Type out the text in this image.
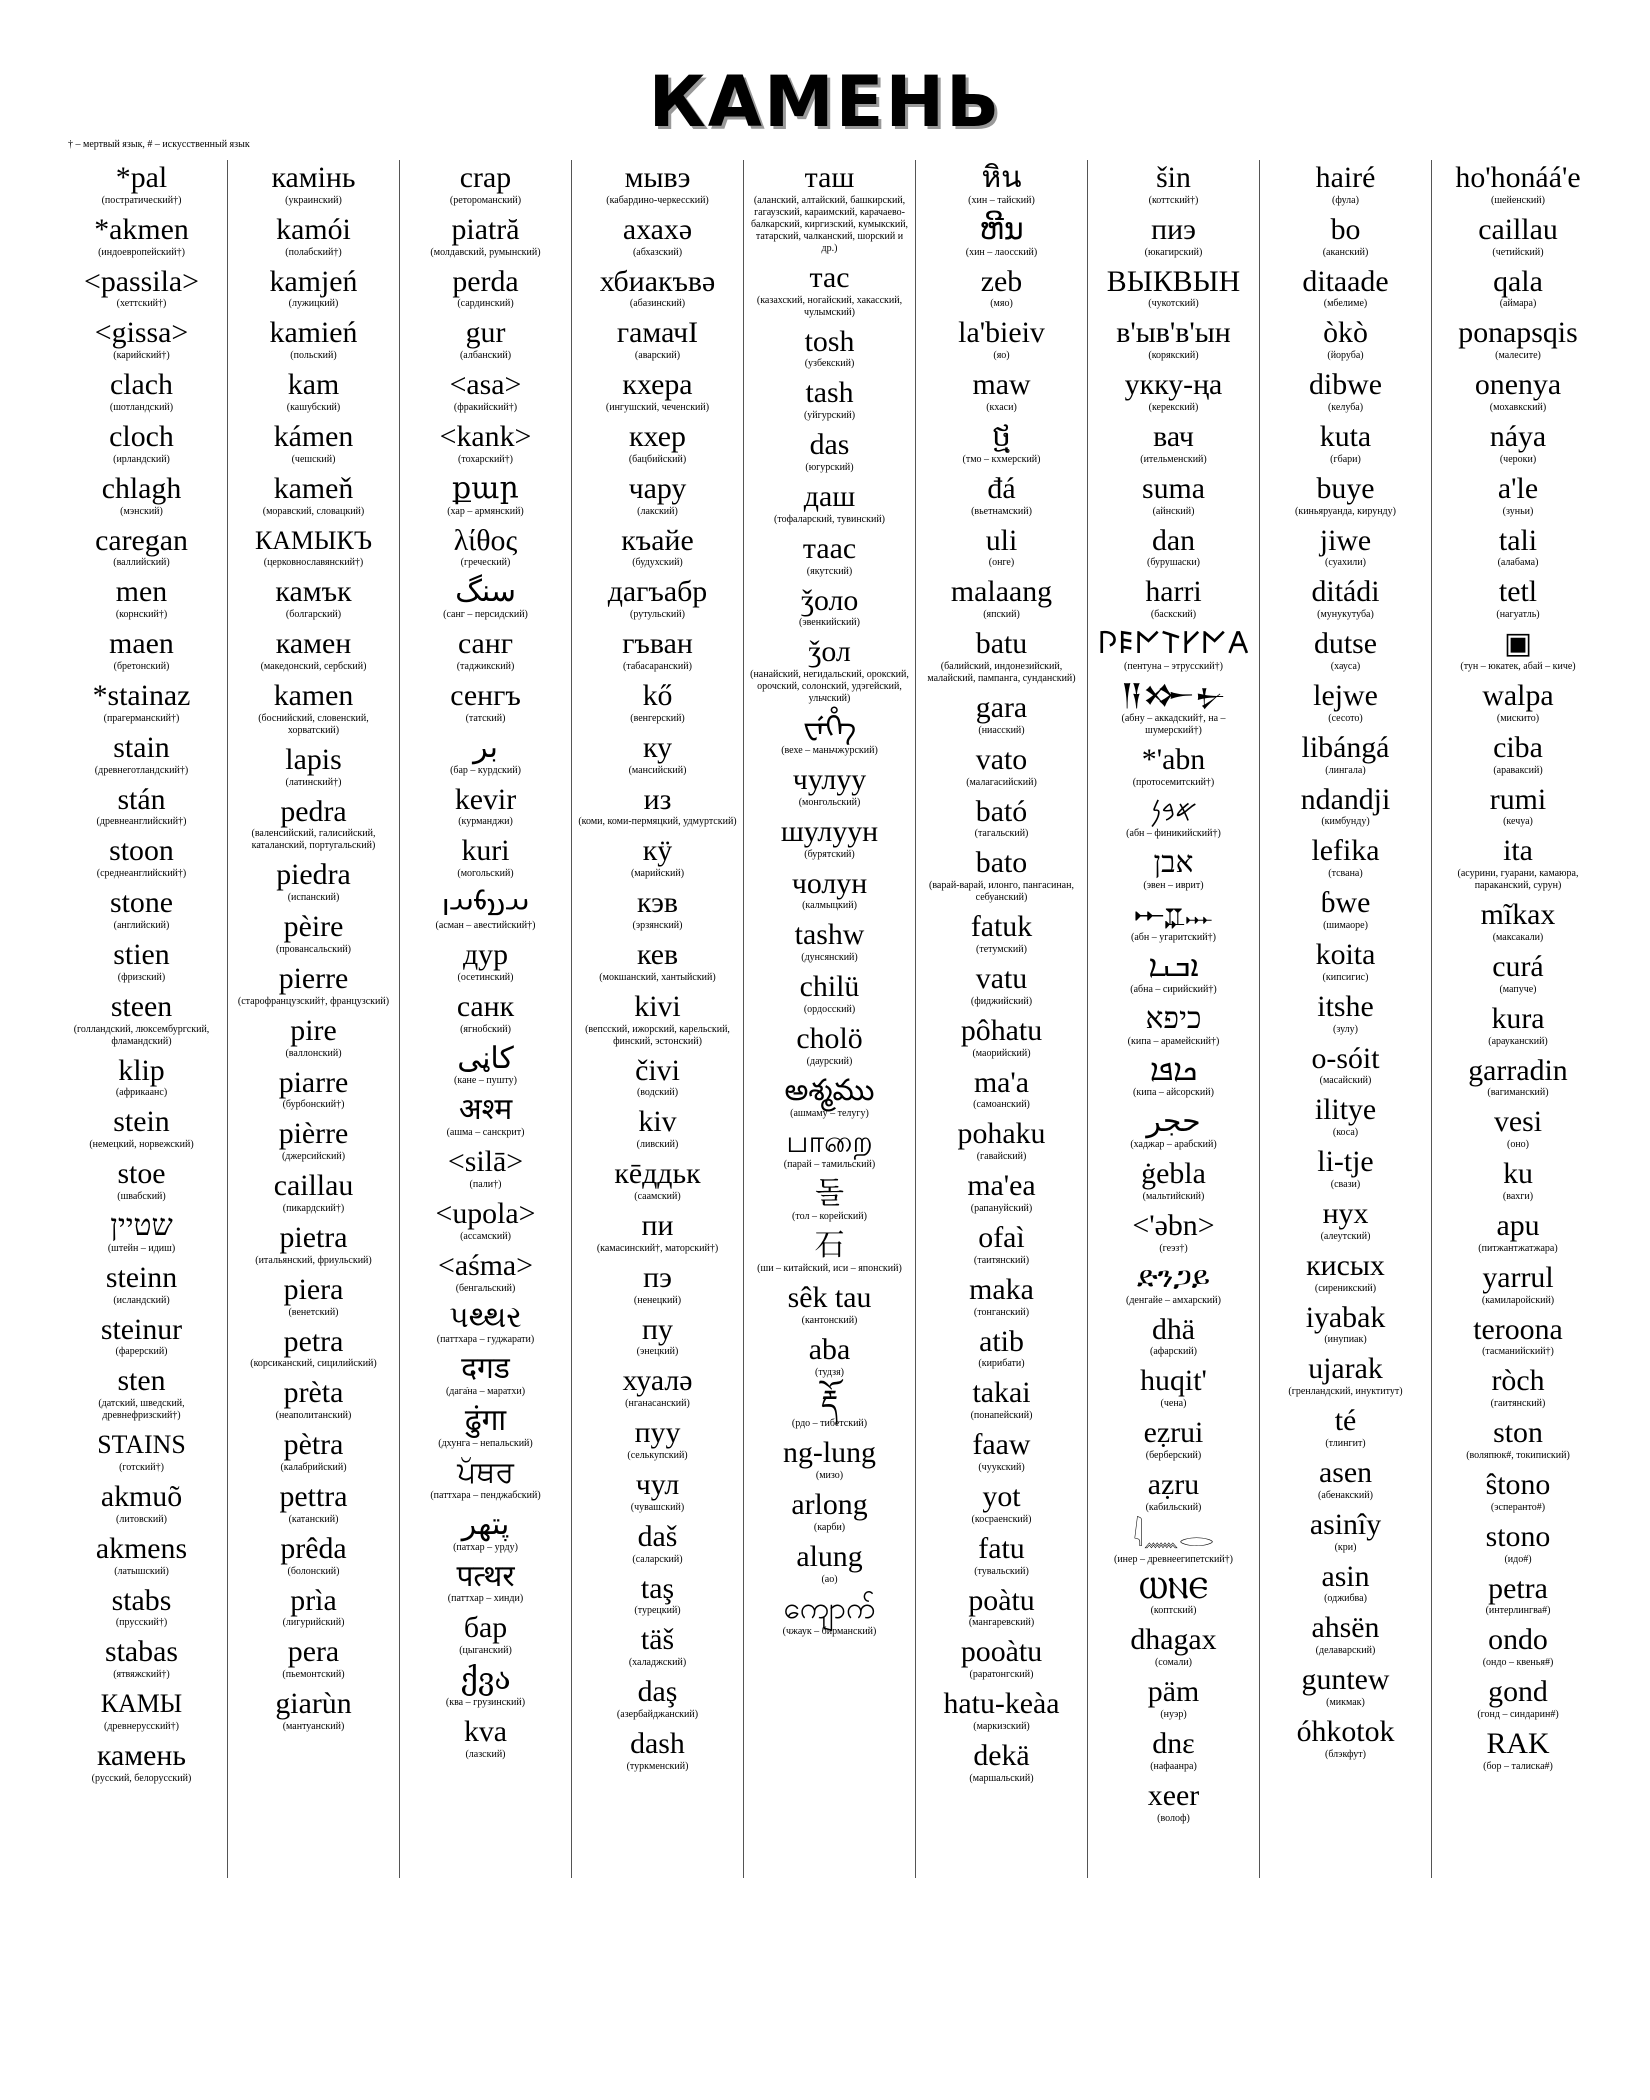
КАМЕНЬ
† – мертвый язык, # – искусственный язык
*pal
(постратический†)
*akmen
(индоевропейский†)
<passila>
(хеттский†)
<gissa>
(карийский†)
clach
(шотландский)
cloch
(ирландский)
chlagh
(мэнский)
caregan
(валлийский)
men
(корнский†)
maen
(бретонский)
*stainaz
(прагерманский†)
stain
(древнеготландский†)
stán
(древнеанглийский†)
stoon
(среднеанглийский†)
stone
(английский)
stien
(фризский)
steen
(голландский, люксембургский, фламандский)
klip
(африкаанс)
stein
(немецкий, норвежский)
stoe
(швабский)
שטיין
(штейн – идиш)
steinn
(исландский)
steinur
(фарерский)
sten
(датский, шведский, древнефризский†)
STAINS
(готский†)
akmuõ
(литовский)
akmens
(латышский)
stabs
(прусский†)
stabas
(ятвяжский†)
КАМЫ
(древнерусский†)
камень
(русский, белорусский)
камінь
(украинский)
kamói
(полабский†)
kamjeń
(лужицкий)
kamień
(польский)
kam
(кашубский)
kámen
(чешский)
kameň
(моравский, словацкий)
КАМЫКЪ
(церковнославянский†)
камък
(болгарский)
камен
(македонский, сербский)
kamen
(боснийский, словенский, хорватский)
lapis
(латинский†)
pedra
(валенсийский, галисийский, каталанский, португальский)
piedra
(испанский)
pèire
(провансальский)
pierre
(старофранцузский†, французский)
pire
(валлонский)
piarre
(бурбонский†)
pièrre
(джерсийский)
caillau
(пикардский†)
pietra
(итальянский, фриульский)
piera
(венетский)
petra
(корсиканский, сицилийский)
prèta
(неаполитанский)
pètra
(калабрийский)
pettra
(катанский)
prêda
(болонский)
prìa
(лигурийский)
pera
(пьемонтский)
giarùn
(мантуанский)
crap
(ретороманский)
piatră
(молдавский, румынский)
perda
(сардинский)
gur
(албанский)
<asa>
(фракийский†)
<kank>
(тохарский†)
քար
(хар – армянский)
λίθος
(греческий)
سنگ
(санг – персидский)
санг
(таджикский)
сенгъ
(татский)
بر
(бар – курдский)
kevir
(курманджи)
kuri
(могольский)
𐬀𐬯𐬨𐬀𐬥
(асман – авестийский†)
дур
(осетинский)
санк
(ягнобский)
کاڼی
(кане – пушту)
अश्म
(ашма – санскрит)
<silā>
(пали†)
<upola>
(ассамский)
<aśma>
(бенгальский)
પથ્થર
(паттхара – гуджарати)
दगड
(дагаֿна – маратхи)
ढुंगा
(дхунга – непальский)
ਪੱਥਰ
(паттхара – пенджабский)
پتھر
(патхар – урду)
पत्थर
(паттхар – хинди)
бар
(цыганский)
ქვა
(ква – грузинский)
kva
(лазский)
мывэ
(кабардино-черкесский)
ахахә
(абхазский)
хбиакъвә
(абазинский)
гамачI
(аварский)
кхера
(ингушский, чеченский)
кхер
(бацбийский)
чару
(лакский)
къайе
(будухский)
дагъабр
(рутульский)
гъван
(табасаранский)
kő
(венгерский)
ку
(мансийский)
из
(коми, коми-пермяцкий, удмуртский)
кӱ
(марийский)
кэв
(эрзянский)
кев
(мокшанский, хантыйский)
kivi
(вепсский, ижорский, карельский, финский, эстонский)
čivi
(водский)
kiv
(ливский)
кēддьк
(саамский)
пи
(камасинский†, маторский†)
пэ
(ненецкий)
пу
(энецкий)
хуалә
(нганасанский)
пуу
(селькупский)
чул
(чувашский)
daš
(саларский)
taş
(турецкий)
täš
(халаджский)
daş
(азербайджанский)
dash
(туркменский)
таш
(аланский, алтайский, башкирский, гагаузский, караимский, карачаево-балкарский, киргизский, кумыкский, татарский, чалканский, шорский и др.)
тас
(казахский, ногайский, хакасский, чулымский)
tosh
(узбекский)
tash
(уйгурский)
das
(югурский)
даш
(тофаларский, тувинский)
таас
(якутский)
ǯоло
(эвенкийский)
ǯол
(нанайский, негидальский, орокский, орочский, солонский, удэгейский, ульчский)
ᠸᡝᡥᡝ
(вехе – маньчжурский)
чулуу
(монгольский)
шулуун
(бурятский)
чолун
(калмыцкий)
tashw
(дунсянский)
chilü
(ордосский)
cholö
(даурский)
అశ్మము
(ашмаму – телугу)
பாறை
(парай – тамильский)
돌
(тол – корейский)
石
(ши – китайский, иси – японский)
sêk tau
(кантонский)
aba
(тудзя)
རྡོ
(рдо – тибетский)
ng-lung
(мизо)
arlong
(карби)
alung
(ао)
ကျောက်
(чжаук – бирманский)
หิน
(хин – тайский)
ຫີນ
(хин – лаосский)
zeb
(мяо)
la'bieiv
(яо)
maw
(кхаси)
ថ្ម
(тмо – кхмерский)
đá
(вьетнамский)
uli
(онге)
malaang
(япский)
batu
(балийский, индонезийский, малайский, пампанга, сунданский)
gara
(ниасский)
vato
(малагасийский)
bató
(тагальский)
bato
(варай-варай, илонго, пангасинан, себуанский)
fatuk
(тетумский)
vatu
(фиджийский)
pôhatu
(маорийский)
ma'a
(самоанский)
pohaku
(гавайский)
ma'ea
(рапануйский)
ofaì
(таитянский)
maka
(тонганский)
atib
(кирибати)
takai
(понапейский)
faaw
(чуукский)
yot
(косраенский)
fatu
(тувальский)
poàtu
(мангаревский)
pooàtu
(раратонгский)
hatu-keàa
(маркизский)
dekä
(маршальский)
šin
(коттский†)
пиэ
(юкагирский)
ВЫКВЫН
(чукотский)
в'ыв'в'ын
(корякский)
укку-ңа
(керекский)
вач
(ительменский)
suma
(айнский)
dan
(бурушаски)
harri
(баскский)
𐌐𐌄𐌍𐌕𐌖𐌍𐌀
(пентуна – этрусский†)
𒀀𒁍𒉡
(абну – аккадский†, на – шумерский†)
*'abn
(протосемитский†)
𐤀𐤁𐤍
(абн – финикийский†)
אבן
(эвен – иврит)
𐎀𐎁𐎐
(абн – угаритский†)
ܐܒܢܐ
(абна – сирийский†)
כיפא
(кипа – арамейский†)
ܟܐܦܐ
(кипа – айсорский)
حجر
(хаджар – арабский)
ġebla
(мальтийский)
<'əbn>
(геэз†)
ድንጋይ
(денгайе – амхарский)
dhä
(афарский)
huqit'
(чена)
eẓrui
(берберский)
aẓru
(кабильский)
𓇋𓈖𓂋
(инер – древнеегипетский†)
ⲰⲚⲈ
(коптский)
dhagax
(сомали)
päm
(нуэр)
dnɛ
(нафаанра)
xeer
(волоф)
hairé
(фула)
bo
(аканский)
ditaade
(мбелиме)
òkò
(йоруба)
dibwe
(келуба)
kuta
(гбари)
buye
(киньяруанда, кирунду)
jiwe
(суахили)
ditádi
(мунукутуба)
dutse
(хауса)
lejwe
(сесото)
libángá
(лингала)
ndandji
(кимбунду)
lefika
(тсвана)
ɓwe
(шимаоре)
koita
(кипсигис)
itshe
(зулу)
o-sóit
(масайский)
ilitye
(коса)
li-tje
(свази)
нух
(алеутский)
кисых
(сиреникский)
iyabak
(инупиак)
ujarak
(гренландский, инуктитут)
té
(тлингит)
asen
(абенакский)
asinîy
(кри)
asin
(оджибва)
ahsën
(делаварский)
guntew
(микмак)
óhkotok
(блэкфут)
ho'honáá'e
(шейенский)
caillau
(четийский)
qala
(аймара)
ponapsqis
(малесите)
onenya
(мохавкский)
náya
(чероки)
a'le
(зуньи)
tali
(алабама)
tetl
(нагуатль)
▣
(тун – юкатек, абай – киче)
walpa
(мискито)
ciba
(араваксий)
rumi
(кечуа)
ita
(асурини, гуарани, камаюра, параканский, сурун)
mĩkax
(максакали)
curá
(мапуче)
kura
(арауканский)
garradin
(вагиманский)
vesi
(оно)
ku
(вахги)
apu
(питжантжатжара)
yarrul
(камиларойский)
teroona
(тасманийский†)
ròch
(гаитянский)
ston
(воляпюк#, токипиский)
ŝtono
(эсперанто#)
stono
(идо#)
petra
(интерлингва#)
ondo
(ондо – квенья#)
gond
(гонд – синдарин#)
RAK
(бор – талиска#)
